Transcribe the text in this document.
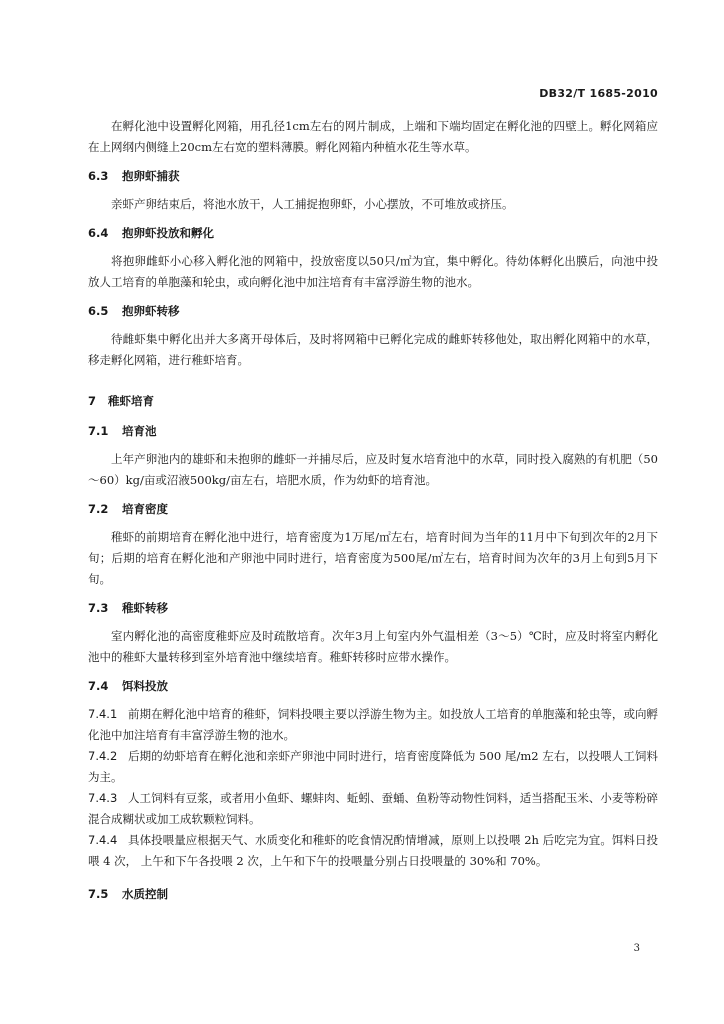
DB32/T 1685-2010

在孵化池中设置孵化网箱，用孔径1cm左右的网片制成，上端和下端均固定在孵化池的四壁上。孵化网箱应在上网纲内侧缝上20cm左右宽的塑料薄膜。孵化网箱内种植水花生等水草。

6.3 抱卵虾捕获

亲虾产卵结束后，将池水放干，人工捕捉抱卵虾，小心摆放，不可堆放或挤压。

6.4 抱卵虾投放和孵化

将抱卵雌虾小心移入孵化池的网箱中，投放密度以50只/㎡为宜，集中孵化。待幼体孵化出膜后，向池中投放人工培育的单胞藻和轮虫，或向孵化池中加注培育有丰富浮游生物的池水。

6.5 抱卵虾转移

待雌虾集中孵化出并大多离开母体后，及时将网箱中已孵化完成的雌虾转移他处，取出孵化网箱中的水草，移走孵化网箱，进行稚虾培育。

7 稚虾培育
7.1 培育池

上年产卵池内的雄虾和未抱卵的雌虾一并捕尽后，应及时复水培育池中的水草，同时投入腐熟的有机肥（50～60）kg/亩或沼液500kg/亩左右，培肥水质，作为幼虾的培育池。

7.2 培育密度

稚虾的前期培育在孵化池中进行，培育密度为1万尾/㎡左右，培育时间为当年的11月中下旬到次年的2月下旬；后期的培育在孵化池和产卵池中同时进行，培育密度为500尾/㎡左右，培育时间为次年的3月上旬到5月下旬。

7.3 稚虾转移

室内孵化池的高密度稚虾应及时疏散培育。次年3月上旬室内外气温相差（3～5）℃时，应及时将室内孵化池中的稚虾大量转移到室外培育池中继续培育。稚虾转移时应带水操作。

7.4 饵料投放

7.4.1 前期在孵化池中培育的稚虾，饲料投喂主要以浮游生物为主。如投放人工培育的单胞藻和轮虫等，或向孵化池中加注培育有丰富浮游生物的池水。

7.4.2 后期的幼虾培育在孵化池和亲虾产卵池中同时进行，培育密度降低为 500 尾/m2 左右，以投喂人工饲料为主。

7.4.3 人工饲料有豆浆，或者用小鱼虾、螺蚌肉、蚯蚓、蚕蛹、鱼粉等动物性饲料，适当搭配玉米、小麦等粉碎混合成糊状或加工成软颗粒饲料。

7.4.4 具体投喂量应根据天气、水质变化和稚虾的吃食情况酌情增减，原则上以投喂 2h 后吃完为宜。饵料日投喂 4 次， 上午和下午各投喂 2 次，上午和下午的投喂量分别占日投喂量的 30%和 70%。

7.5 水质控制
3
